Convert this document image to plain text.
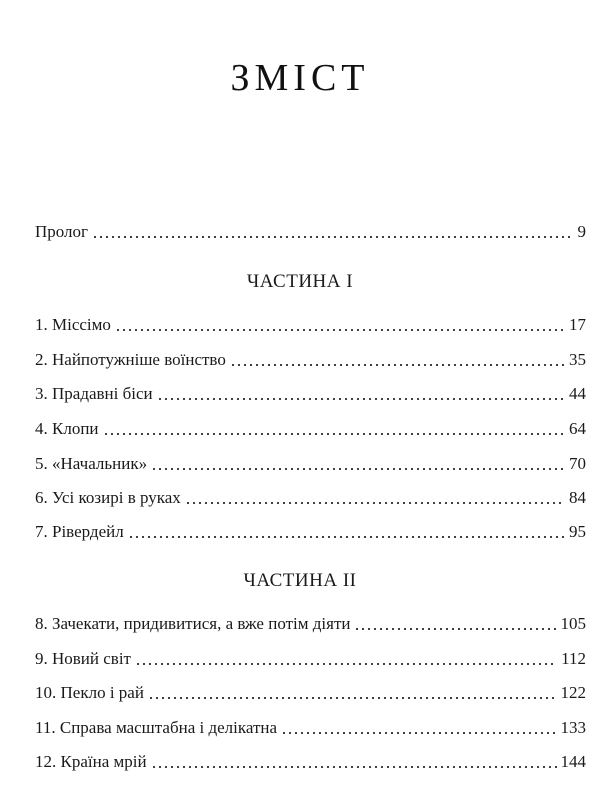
ЗМІСТ
Пролог	9
ЧАСТИНА І
1. Міссімо	17
2. Найпотужніше воїнство	35
3. Прадавні біси	44
4. Клопи	64
5. «Начальник»	70
6. Усі козирі в руках	84
7. Рівердейл	95
ЧАСТИНА ІІ
8. Зачекати, придивитися, а вже потім діяти	105
9. Новий світ	112
10. Пекло і рай	122
11. Справа масштабна і делікатна	133
12. Країна мрій	144
